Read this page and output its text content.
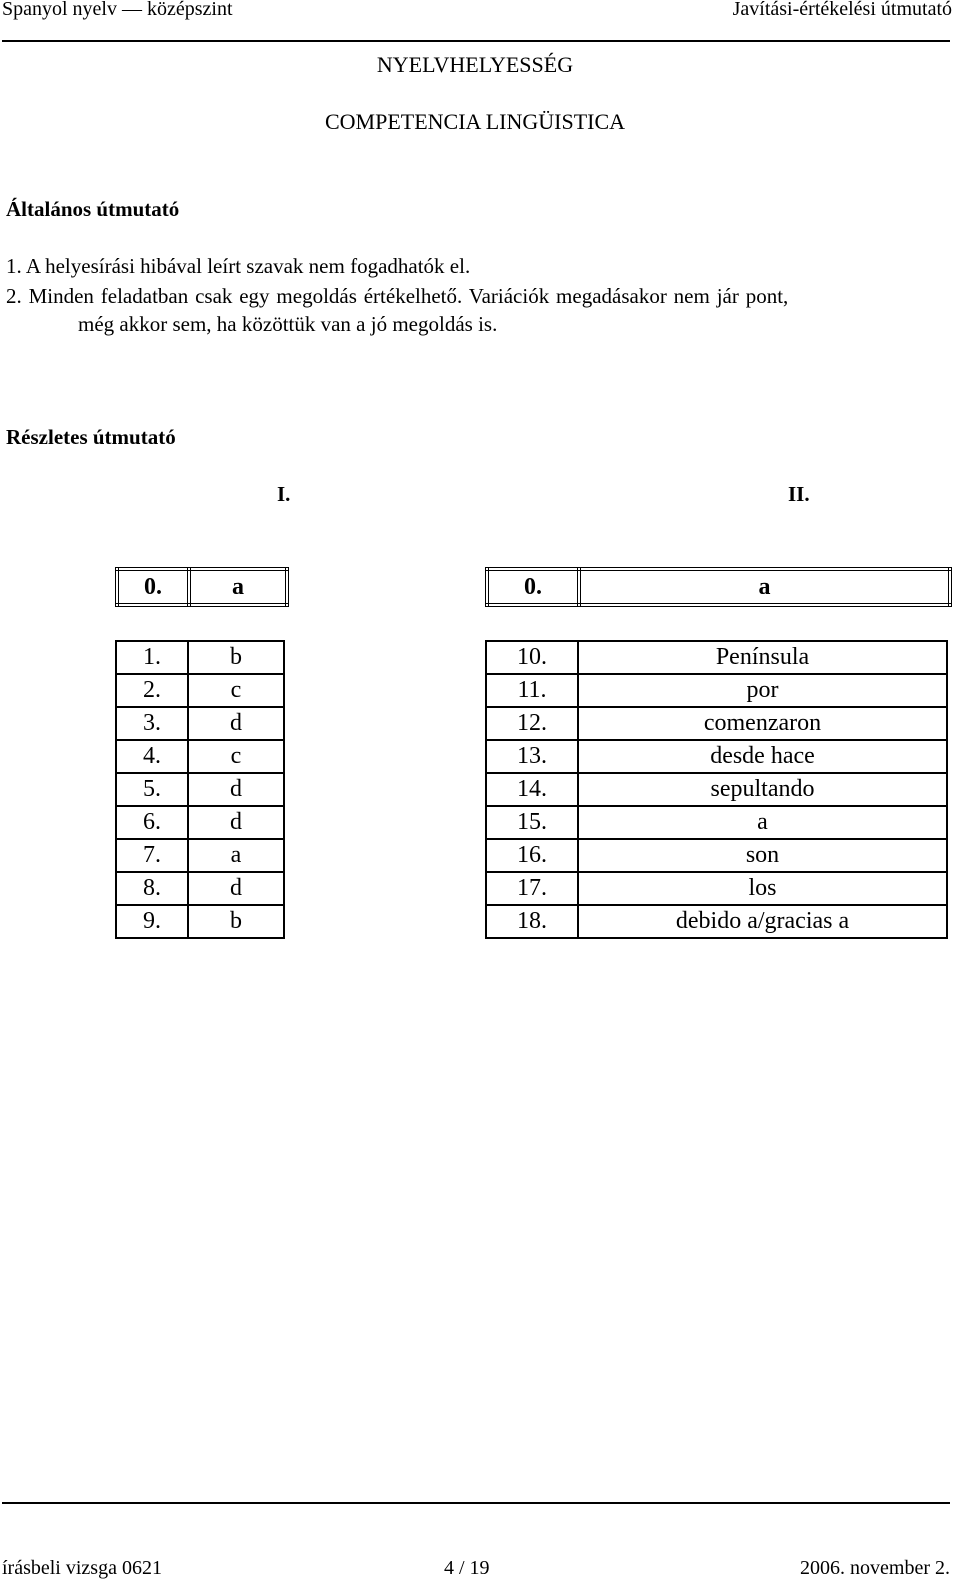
Spanyol nyelv — középszint	Javítási-értékelési útmutató
NYELVHELYESSÉG
COMPETENCIA LINGÜISTICA
Általános útmutató
1. A helyesírási hibával leírt szavak nem fogadhatók el.
2. Minden feladatban csak egy megoldás értékelhető. Variációk megadásakor nem jár pont,
még akkor sem, ha közöttük van a jó megoldás is.
Részletes útmutató
I.	II.
0.	a	0.	a
1.	b
2.	c
3.	d
4.	c
5.	d
6.	d
7.	a
8.	d
9.	b
10.	Península
11.	por
12.	comenzaron
13.	desde hace
14.	sepultando
15.	a
16.	son
17.	los
18.	debido a/gracias a
írásbeli vizsga 0621	4 / 19	2006. november 2.
